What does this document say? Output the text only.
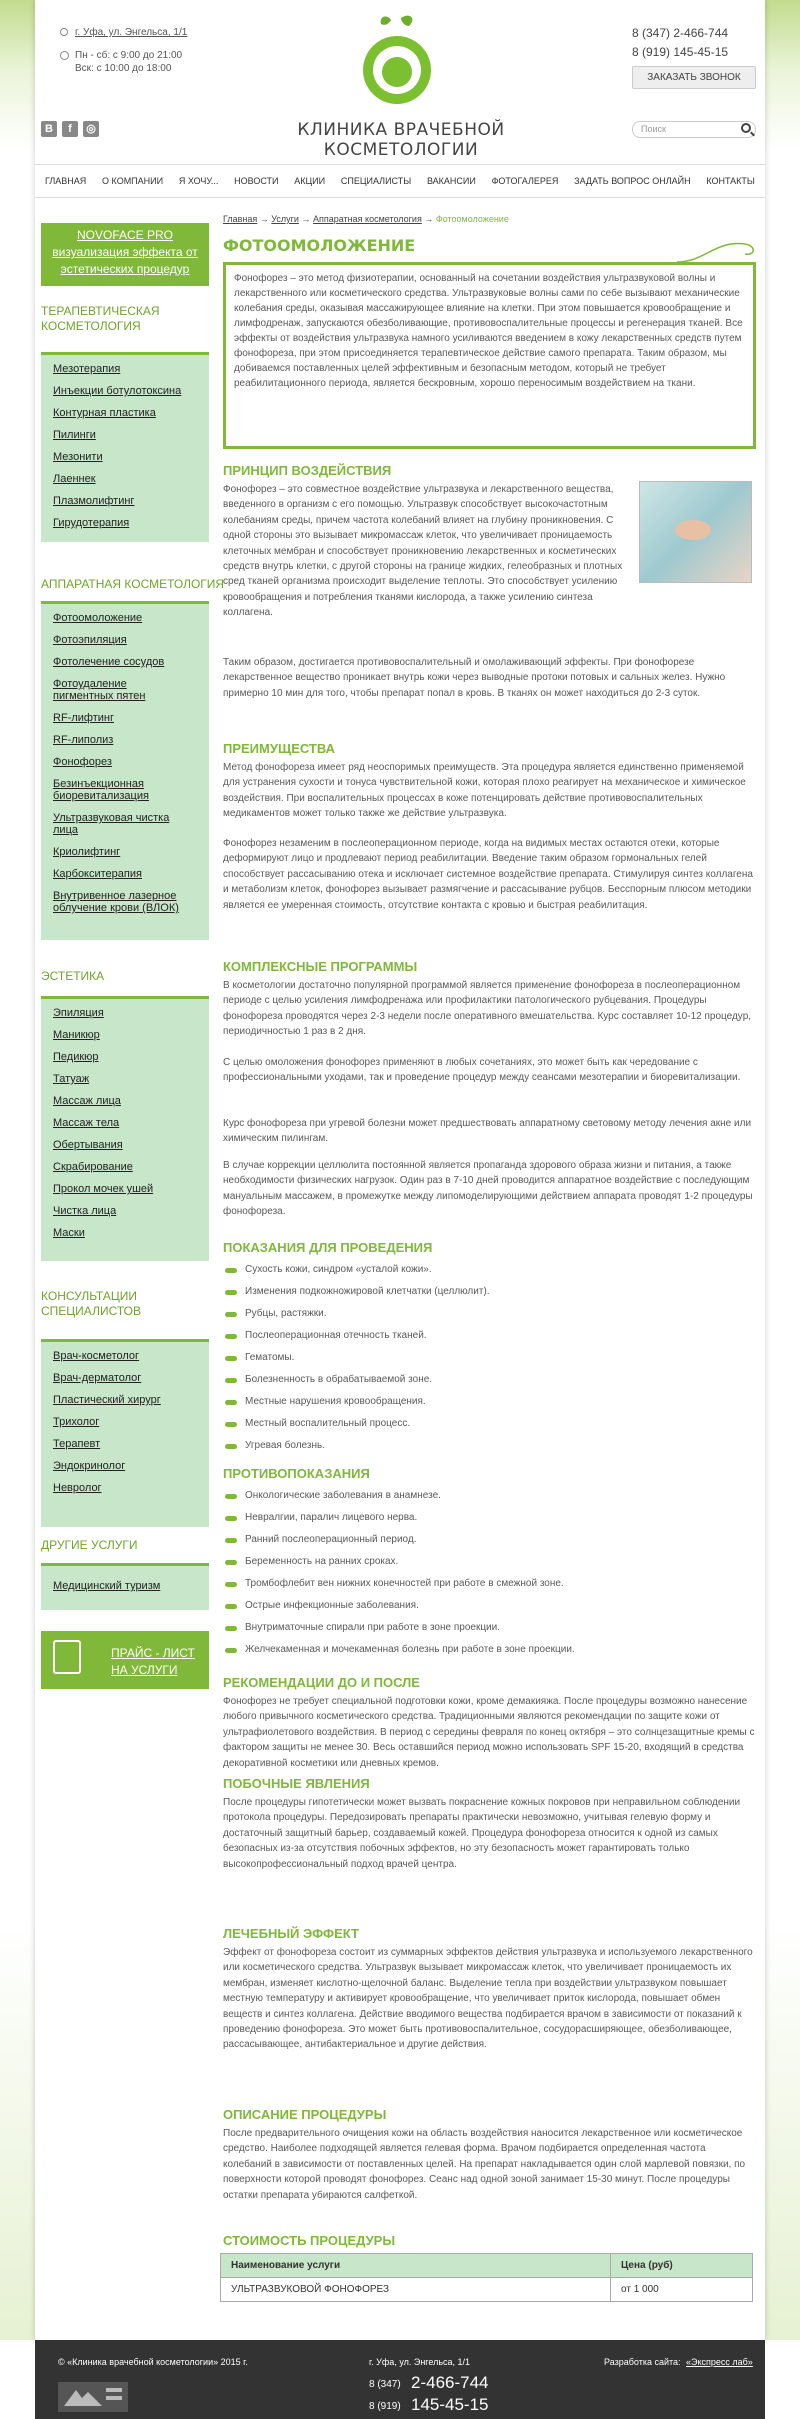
г. Уфа, ул. Энгельса, 1/1
Пн - сб: с 9:00 до 21:00
Вск: с 10:00 до 18:00
КЛИНИКА ВРАЧЕБНОЙ КОСМЕТОЛОГИИ
8 (347) 2-466-744
8 (919) 145-45-15
ЗАКАЗАТЬ ЗВОНОК
В	f	◎	Поиск
ГЛАВНАЯ	О КОМПАНИИ	Я ХОЧУ...	НОВОСТИ	АКЦИИ	СПЕЦИАЛИСТЫ	ВАКАНСИИ	ФОТОГАЛЕРЕЯ	ЗАДАТЬ ВОПРОС ОНЛАЙН	КОНТАКТЫ
NOVOFACE PRO
визуализация эффекта от
эстетических процедур
ТЕРАПЕВТИЧЕСКАЯ
КОСМЕТОЛОГИЯ
Мезотерапия
Инъекции ботулотоксина
Контурная пластика
Пилинги
Мезонити
Лаеннек
Плазмолифтинг
Гирудотерапия
АППАРАТНАЯ КОСМЕТОЛОГИЯ
Фотоомоложение
Фотоэпиляция
Фотолечение сосудов
Фотоудаление пигментных пятен
RF-лифтинг
RF-липолиз
Фонофорез
Безинъекционная биоревитализация
Ультразвуковая чистка лица
Криолифтинг
Карбокситерапия
Внутривенное лазерное облучение крови (ВЛОК)
ЭСТЕТИКА
Эпиляция
Маникюр
Педикюр
Татуаж
Массаж лица
Массаж тела
Обертывания
Скрабирование
Прокол мочек ушей
Чистка лица
Маски
КОНСУЛЬТАЦИИ
СПЕЦИАЛИСТОВ
Врач-косметолог
Врач-дерматолог
Пластический хирург
Трихолог
Терапевт
Эндокринолог
Невролог
ДРУГИЕ УСЛУГИ
Медицинский туризм
ПРАЙС - ЛИСТ
НА УСЛУГИ
Главная → Услуги → Аппаратная косметология → Фотоомоложение
ФОТООМОЛОЖЕНИЕ
Фонофорез – это метод физиотерапии, основанный на сочетании воздействия ультразвуковой волны и лекарственного или косметического средства. Ультразвуковые волны сами по себе вызывают механические колебания среды, оказывая массажирующее влияние на клетки. При этом повышается кровообращение и лимфодренаж, запускаются обезболивающие, противовоспалительные процессы и регенерация тканей. Все эффекты от воздействия ультразвука намного усиливаются введением в кожу лекарственных средств путем фонофореза, при этом присоединяется терапевтическое действие самого препарата. Таким образом, мы добиваемся поставленных целей эффективным и безопасным методом, который не требует реабилитационного периода, является бескровным, хорошо переносимым воздействием на ткани.
ПРИНЦИП ВОЗДЕЙСТВИЯ
Фонофорез – это совместное воздействие ультразвука и лекарственного вещества, введенного в организм с его помощью. Ультразвук способствует высокочастотным колебаниям среды, причем частота колебаний влияет на глубину проникновения. С одной стороны это вызывает микромассаж клеток, что увеличивает проницаемость клеточных мембран и способствует проникновению лекарственных и косметических средств внутрь клетки, с другой стороны на границе жидких, гелеобразных и плотных сред тканей организма происходит выделение теплоты. Это способствует усилению кровообращения и потребления тканями кислорода, а также усилению синтеза коллагена.
Таким образом, достигается противовоспалительный и омолаживающий эффекты. При фонофорезе лекарственное вещество проникает внутрь кожи через выводные протоки потовых и сальных желез. Нужно примерно 10 мин для того, чтобы препарат попал в кровь. В тканях он может находиться до 2-3 суток.
ПРЕИМУЩЕСТВА
Метод фонофореза имеет ряд неоспоримых преимуществ. Эта процедура является единственно применяемой для устранения сухости и тонуса чувствительной кожи, которая плохо реагирует на механическое и химическое воздействия. При воспалительных процессах в коже потенцировать действие противовоспалительных медикаментов может только также же действие ультразвука.
Фонофорез незаменим в послеоперационном периоде, когда на видимых местах остаются отеки, которые деформируют лицо и продлевают период реабилитации. Введение таким образом гормональных гелей способствует рассасыванию отека и исключает системное воздействие препарата. Стимулируя синтез коллагена и метаболизм клеток, фонофорез вызывает размягчение и рассасывание рубцов. Бесспорным плюсом методики является ее умеренная стоимость, отсутствие контакта с кровью и быстрая реабилитация.
КОМПЛЕКСНЫЕ ПРОГРАММЫ
В косметологии достаточно популярной программой является применение фонофореза в послеоперационном периоде с целью усиления лимфодренажа или профилактики патологического рубцевания. Процедуры фонофореза проводятся через 2-3 недели после оперативного вмешательства. Курс составляет 10-12 процедур, периодичностью 1 раз в 2 дня.
С целью омоложения фонофорез применяют в любых сочетаниях, это может быть как чередование с профессиональными уходами, так и проведение процедур между сеансами мезотерапии и биоревитализации.
Курс фонофореза при угревой болезни может предшествовать аппаратному световому методу лечения акне или химическим пилингам.
В случае коррекции целлюлита постоянной является пропаганда здорового образа жизни и питания, а также необходимости физических нагрузок. Один раз в 7-10 дней проводится аппаратное воздействие с последующим мануальным массажем, в промежутке между липомоделирующими действием аппарата проводят 1-2 процедуры фонофореза.
ПОКАЗАНИЯ ДЛЯ ПРОВЕДЕНИЯ
Сухость кожи, синдром «усталой кожи».
Изменения подкожножировой клетчатки (целлюлит).
Рубцы, растяжки.
Послеоперационная отечность тканей.
Гематомы.
Болезненность в обрабатываемой зоне.
Местные нарушения кровообращения.
Местный воспалительный процесс.
Угревая болезнь.
ПРОТИВОПОКАЗАНИЯ
Онкологические заболевания в анамнезе.
Невралгии, паралич лицевого нерва.
Ранний послеоперационный период.
Беременность на ранних сроках.
Тромбофлебит вен нижних конечностей при работе в смежной зоне.
Острые инфекционные заболевания.
Внутриматочные спирали при работе в зоне проекции.
Желчекаменная и мочекаменная болезнь при работе в зоне проекции.
РЕКОМЕНДАЦИИ ДО И ПОСЛЕ
Фонофорез не требует специальной подготовки кожи, кроме демакияжа. После процедуры возможно нанесение любого привычного косметического средства. Традиционными являются рекомендации по защите кожи от ультрафиолетового воздействия. В период с середины февраля по конец октября – это солнцезащитные кремы с фактором защиты не менее 30. Весь оставшийся период можно использовать SPF 15-20, входящий в средства декоративной косметики или дневных кремов.
ПОБОЧНЫЕ ЯВЛЕНИЯ
После процедуры гипотетически может вызвать покраснение кожных покровов при неправильном соблюдении протокола процедуры. Передозировать препараты практически невозможно, учитывая гелевую форму и достаточный защитный барьер, создаваемый кожей. Процедура фонофореза относится к одной из самых безопасных из-за отсутствия побочных эффектов, но эту безопасность может гарантировать только высокопрофессиональный подход врачей центра.
ЛЕЧЕБНЫЙ ЭФФЕКТ
Эффект от фонофореза состоит из суммарных эффектов действия ультразвука и используемого лекарственного или косметического средства. Ультразвук вызывает микромассаж клеток, что увеличивает проницаемость их мембран, изменяет кислотно-щелочной баланс. Выделение тепла при воздействии ультразвуком повышает местную температуру и активирует кровообращение, что увеличивает приток кислорода, повышает обмен веществ и синтез коллагена. Действие вводимого вещества подбирается врачом в зависимости от показаний к проведению фонофореза. Это может быть противовоспалительное, сосудорасширяющее, обезболивающее, рассасывающее, антибактериальное и другие действия.
ОПИСАНИЕ ПРОЦЕДУРЫ
После предварительного очищения кожи на область воздействия наносится лекарственное или косметическое средство. Наиболее подходящей является гелевая форма. Врачом подбирается определенная частота колебаний в зависимости от поставленных целей. На препарат накладывается один слой марлевой повязки, по поверхности которой проводят фонофорез. Сеанс над одной зоной занимает 15-30 минут. После процедуры остатки препарата убираются салфеткой.
СТОИМОСТЬ ПРОЦЕДУРЫ
Наименование услуги	Цена (руб)
УЛЬТРАЗВУКОВОЙ ФОНОФОРЕЗ	от 1 000
© «Клиника врачебной косметологии» 2015 г.	г. Уфа, ул. Энгельса, 1/1
8 (347) 2-466-744
8 (919) 145-45-15
Разработка сайта: «Экспресс лаб»
